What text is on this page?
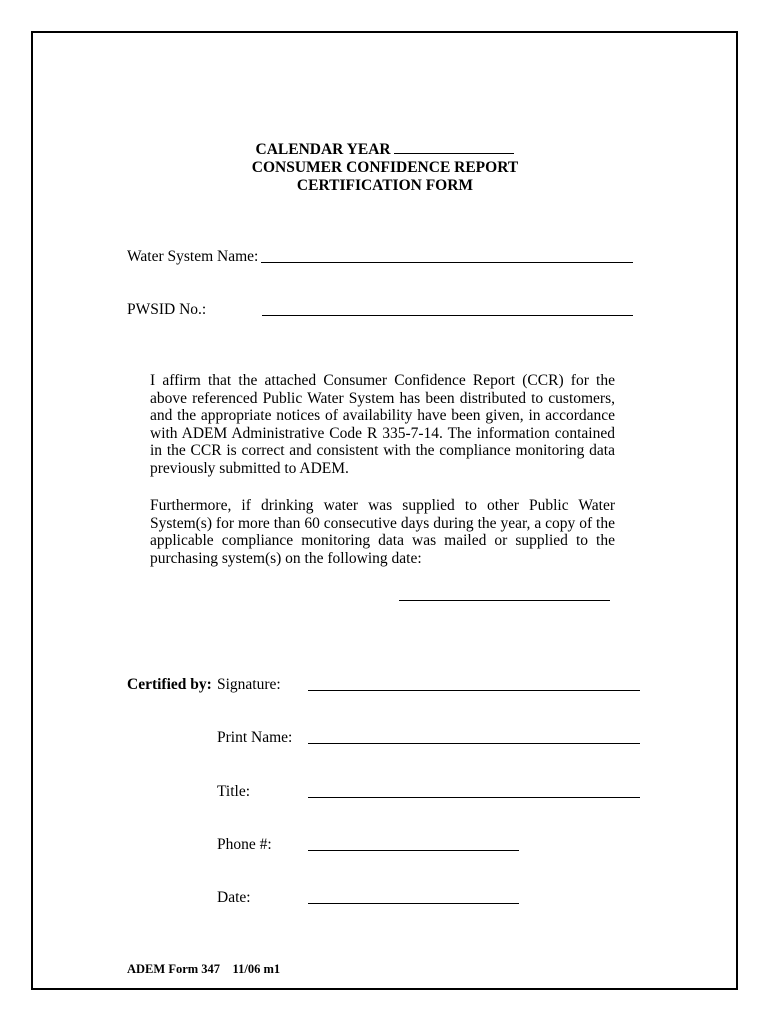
CALENDAR YEAR
CONSUMER CONFIDENCE REPORT
CERTIFICATION FORM
Water System Name:
PWSID No.:

I affirm that the attached Consumer Confidence Report (CCR) for the above referenced Public Water System has been distributed to customers, and the appropriate notices of availability have been given, in accordance with ADEM Administrative Code R 335-7-14. The information contained in the CCR is correct and consistent with the compliance monitoring data previously submitted to ADEM.

Furthermore, if drinking water was supplied to other Public Water System(s) for more than 60 consecutive days during the year, a copy of the applicable compliance monitoring data was mailed or supplied to the purchasing system(s) on the following date:

Certified by: Signature:
Print Name:
Title:
Phone #:
Date:
ADEM Form 347    11/06 m1
